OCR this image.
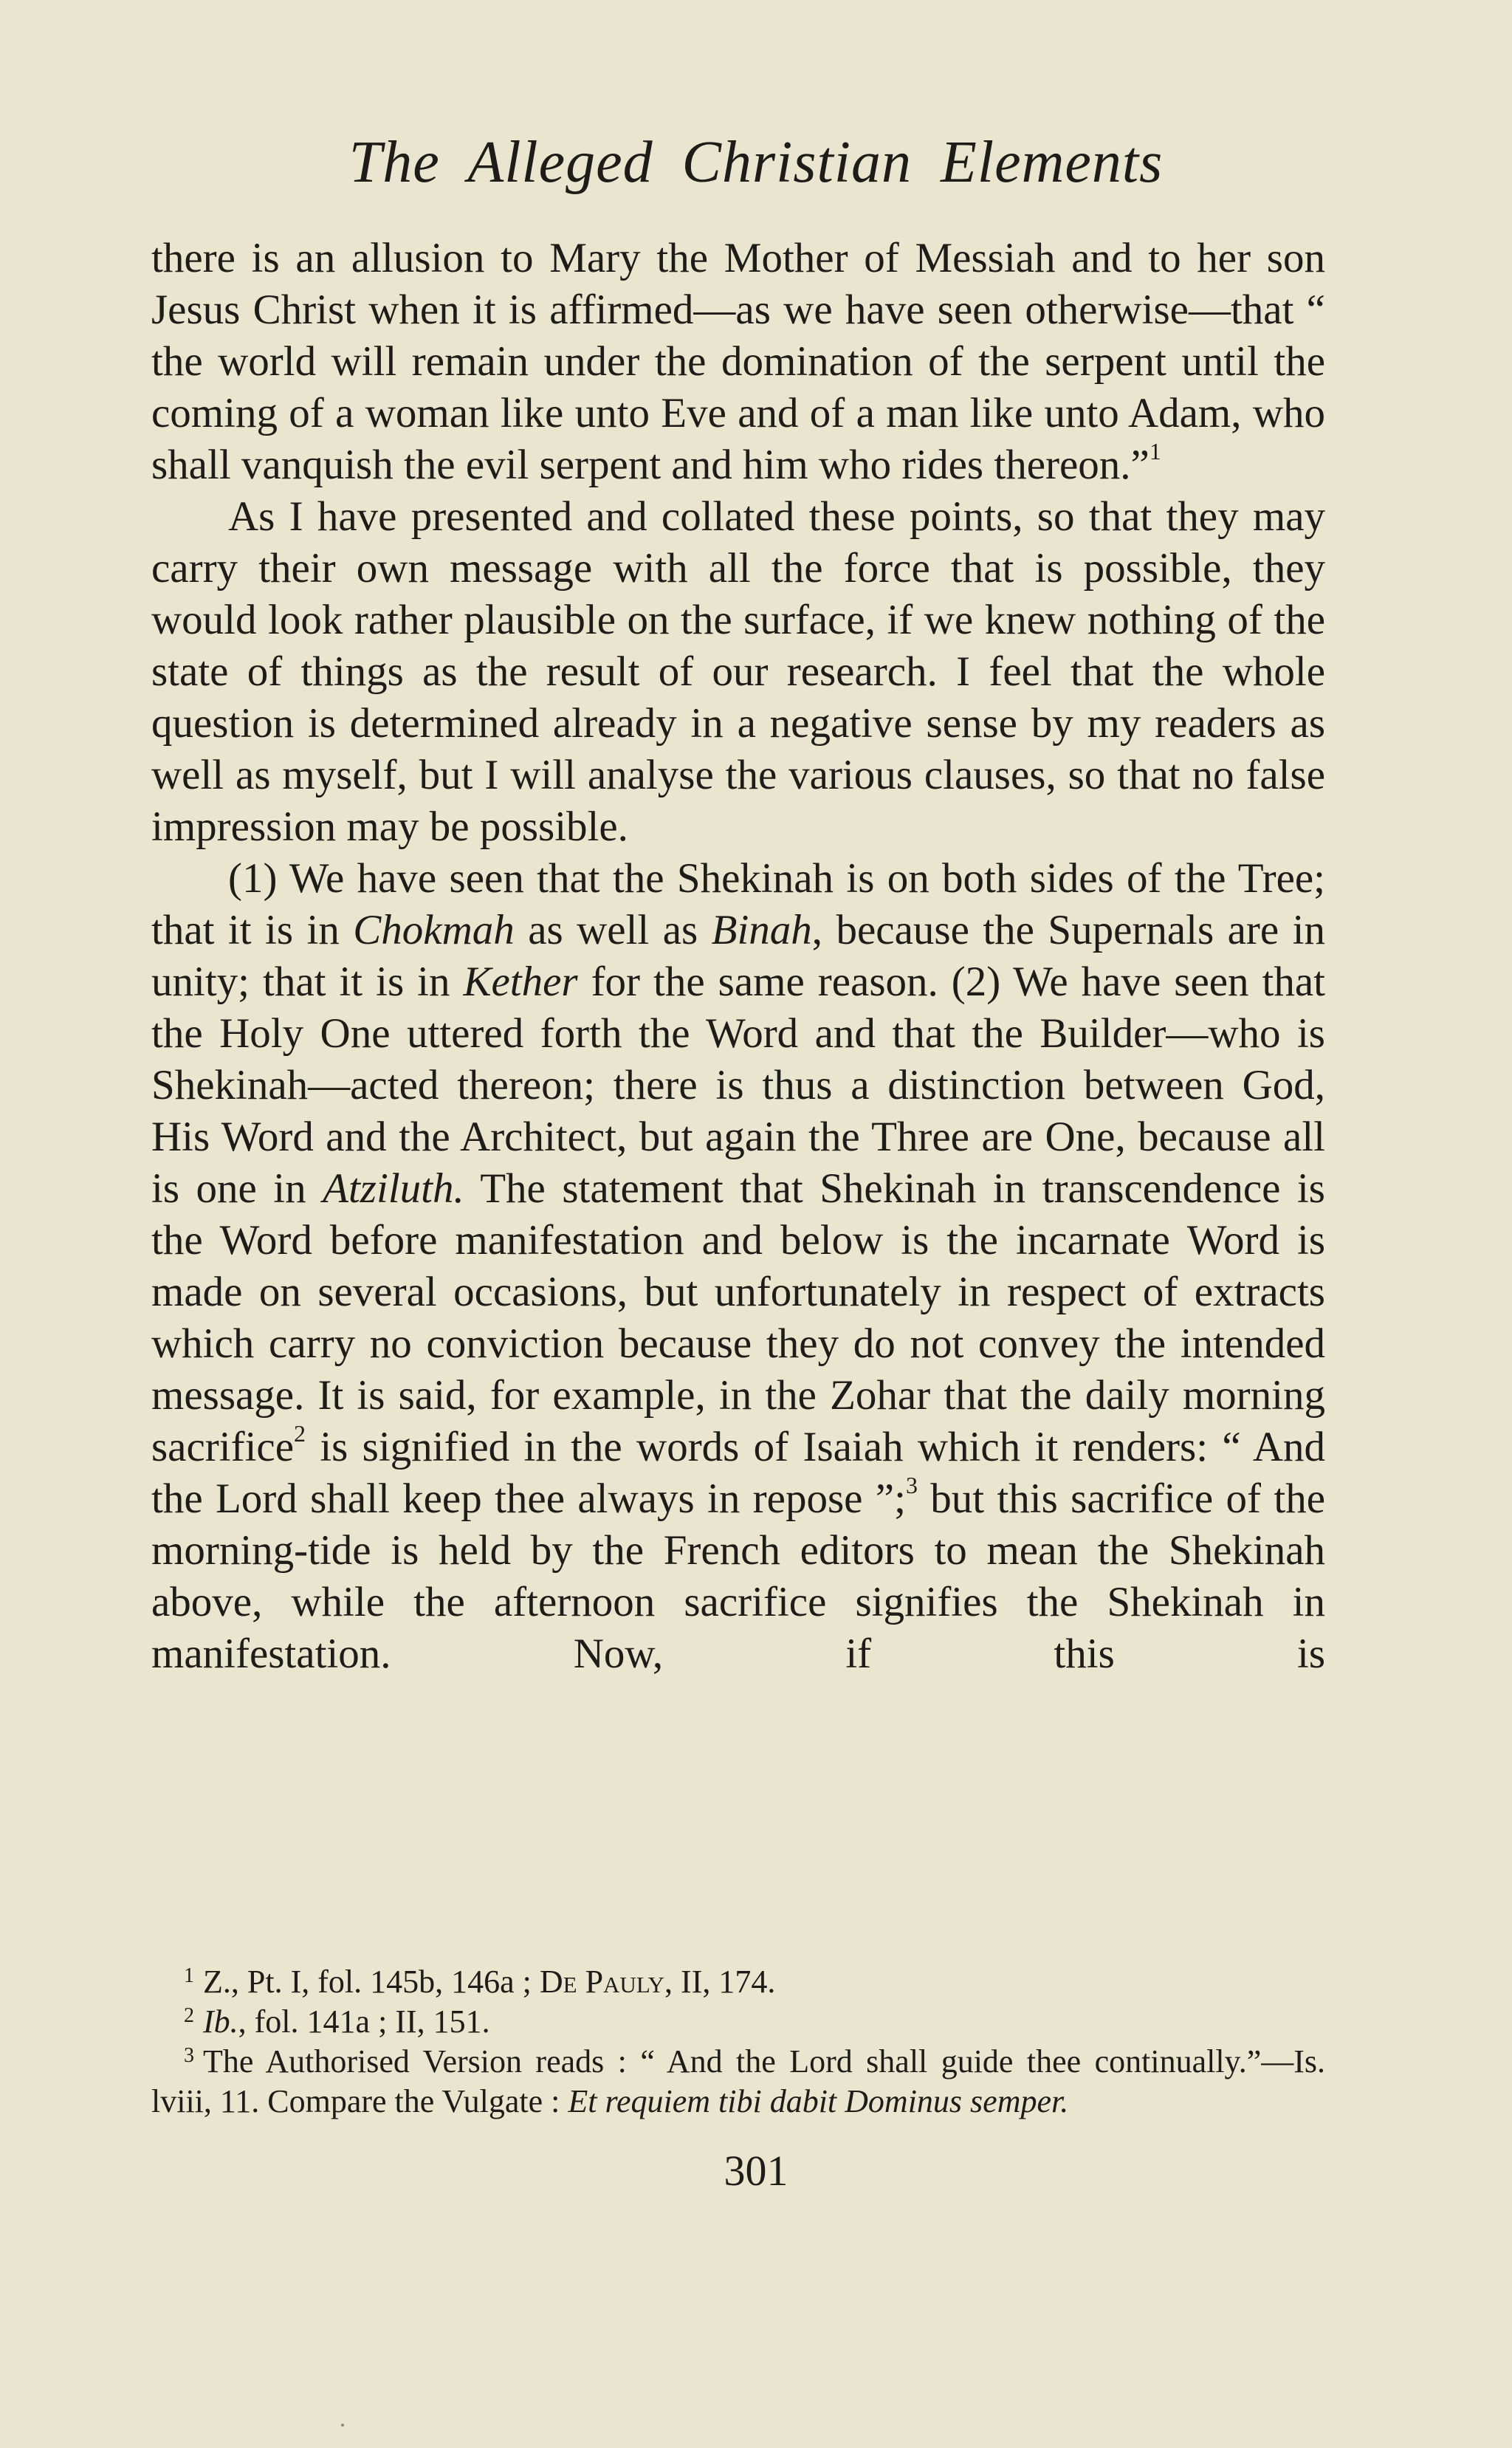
The Alleged Christian Elements

there is an allusion to Mary the Mother of Messiah and to her son Jesus Christ when it is affirmed—as we have seen otherwise—that “ the world will remain under the domination of the serpent until the coming of a woman like unto Eve and of a man like unto Adam, who shall vanquish the evil serpent and him who rides thereon.”$^1$

As I have presented and collated these points, so that they may carry their own message with all the force that is possible, they would look rather plausible on the surface, if we knew nothing of the state of things as the result of our research. I feel that the whole question is determined already in a negative sense by my readers as well as myself, but I will analyse the various clauses, so that no false impression may be possible.

(1) We have seen that the Shekinah is on both sides of the Tree; that it is in Chokmah as well as Binah, because the Supernals are in unity; that it is in Kether for the same reason. (2) We have seen that the Holy One uttered forth the Word and that the Builder—who is Shekinah—acted thereon; there is thus a distinction between God, His Word and the Architect, but again the Three are One, because all is one in Atziluth. The statement that Shekinah in transcendence is the Word before manifestation and below is the incarnate Word is made on several occasions, but unfortunately in respect of extracts which carry no conviction because they do not convey the intended message. It is said, for example, in the Zohar that the daily morning sacrifice$^2$ is signified in the words of Isaiah which it renders: “ And the Lord shall keep thee always in repose ”;$^3$ but this sacrifice of the morning-tide is held by the French editors to mean the Shekinah above, while the afternoon sacrifice signifies the Shekinah in manifestation. Now, if this is

$^1$ Z., Pt. I, fol. 145b, 146a ; De Pauly, II, 174.

$^2$ Ib., fol. 141a ; II, 151.

$^3$ The Authorised Version reads : “ And the Lord shall guide thee continually.”—Is. lviii, 11. Compare the Vulgate : Et requiem tibi dabit Dominus semper.

301
